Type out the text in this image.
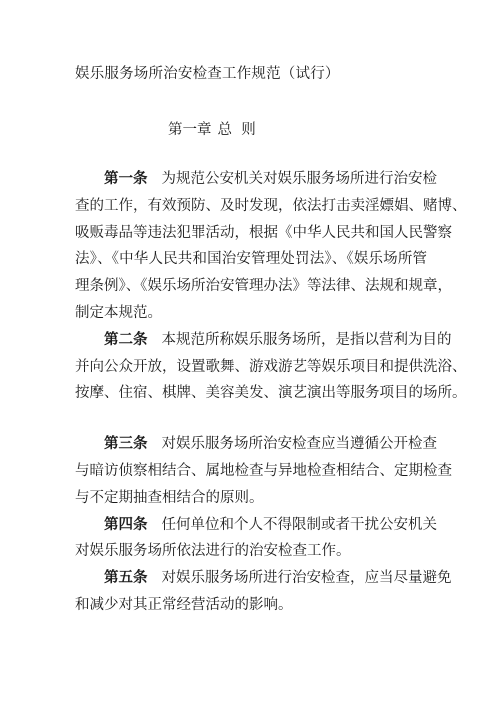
娱乐服务场所治安检查工作规范（试行）
第一章 总  则
第一条 为规范公安机关对娱乐服务场所进行治安检
查的工作，有效预防、及时发现，依法打击卖淫嫖娼、赌博、
吸贩毒品等违法犯罪活动，根据《中华人民共和国人民警察
法》、《中华人民共和国治安管理处罚法》、《娱乐场所管
理条例》、《娱乐场所治安管理办法》等法律、法规和规章，
制定本规范。
第二条 本规范所称娱乐服务场所，是指以营利为目的
并向公众开放，设置歌舞、游戏游艺等娱乐项目和提供洗浴、
按摩、住宿、棋牌、美容美发、演艺演出等服务项目的场所。
第三条 对娱乐服务场所治安检查应当遵循公开检查
与暗访侦察相结合、属地检查与异地检查相结合、定期检查
与不定期抽查相结合的原则。
第四条 任何单位和个人不得限制或者干扰公安机关
对娱乐服务场所依法进行的治安检查工作。
第五条 对娱乐服务场所进行治安检查，应当尽量避免
和减少对其正常经营活动的影响。
